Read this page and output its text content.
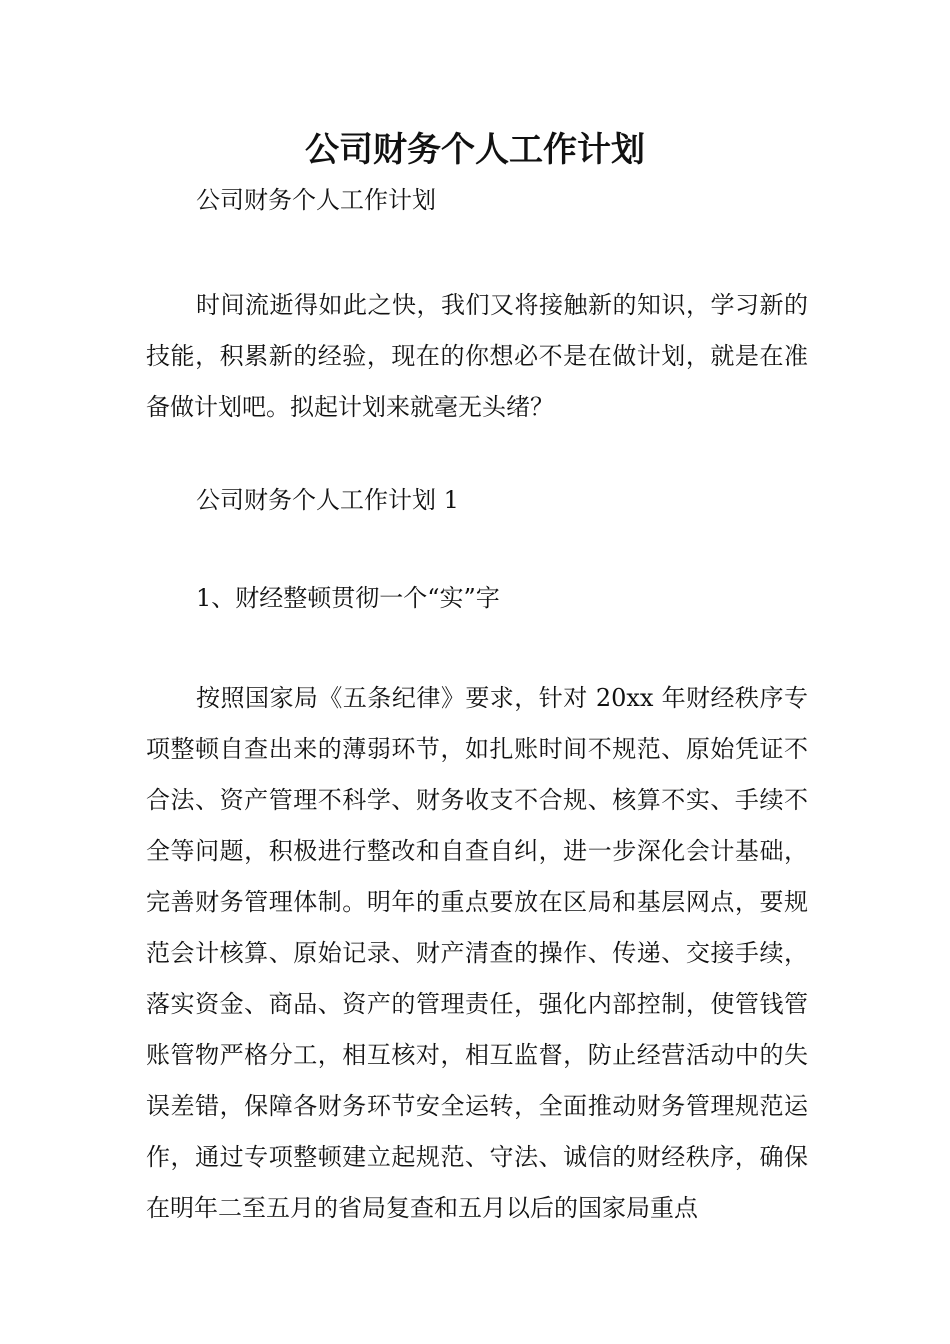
公司财务个人工作计划

公司财务个人工作计划

时间流逝得如此之快，我们又将接触新的知识，学习新的技能，积累新的经验，现在的你想必不是在做计划，就是在准备做计划吧。拟起计划来就毫无头绪？

公司财务个人工作计划 1

1、财经整顿贯彻一个“实”字

按照国家局《五条纪律》要求，针对 20xx 年财经秩序专项整顿自查出来的薄弱环节，如扎账时间不规范、原始凭证不合法、资产管理不科学、财务收支不合规、核算不实、手续不全等问题，积极进行整改和自查自纠，进一步深化会计基础，完善财务管理体制。明年的重点要放在区局和基层网点，要规范会计核算、原始记录、财产清查的操作、传递、交接手续，落实资金、商品、资产的管理责任，强化内部控制，使管钱管账管物严格分工，相互核对，相互监督，防止经营活动中的失误差错，保障各财务环节安全运转，全面推动财务管理规范运作，通过专项整顿建立起规范、守法、诚信的财经秩序，确保在明年二至五月的省局复查和五月以后的国家局重点
